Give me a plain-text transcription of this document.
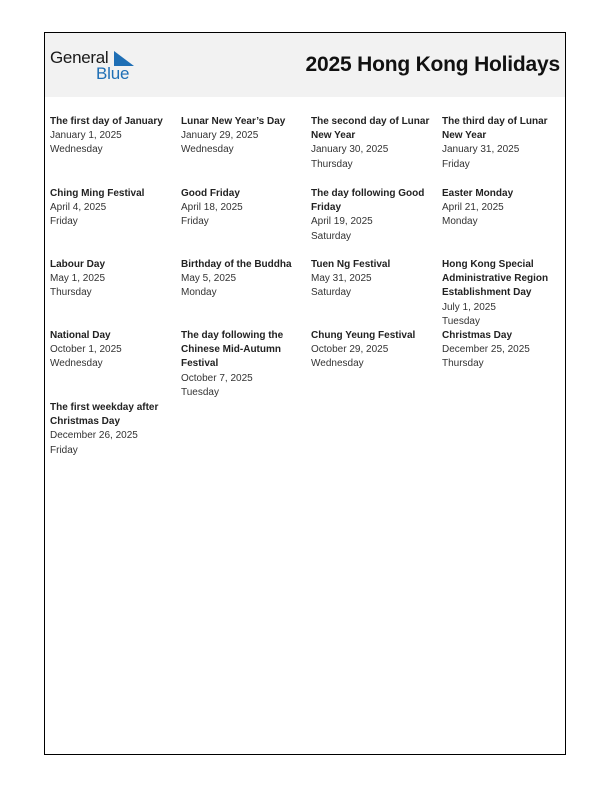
General
Blue	2025 Hong Kong Holidays
The first day of January
January 1, 2025
Wednesday
Lunar New Year’s Day
January 29, 2025
Wednesday
The second day of Lunar New Year
January 30, 2025
Thursday
The third day of Lunar New Year
January 31, 2025
Friday
Ching Ming Festival
April 4, 2025
Friday
Good Friday
April 18, 2025
Friday
The day following Good Friday
April 19, 2025
Saturday
Easter Monday
April 21, 2025
Monday
Labour Day
May 1, 2025
Thursday
Birthday of the Buddha
May 5, 2025
Monday
Tuen Ng Festival
May 31, 2025
Saturday
Hong Kong Special Administrative Region Establishment Day
July 1, 2025
Tuesday
National Day
October 1, 2025
Wednesday
The day following the Chinese Mid-Autumn Festival
October 7, 2025
Tuesday
Chung Yeung Festival
October 29, 2025
Wednesday
Christmas Day
December 25, 2025
Thursday
The first weekday after Christmas Day
December 26, 2025
Friday
